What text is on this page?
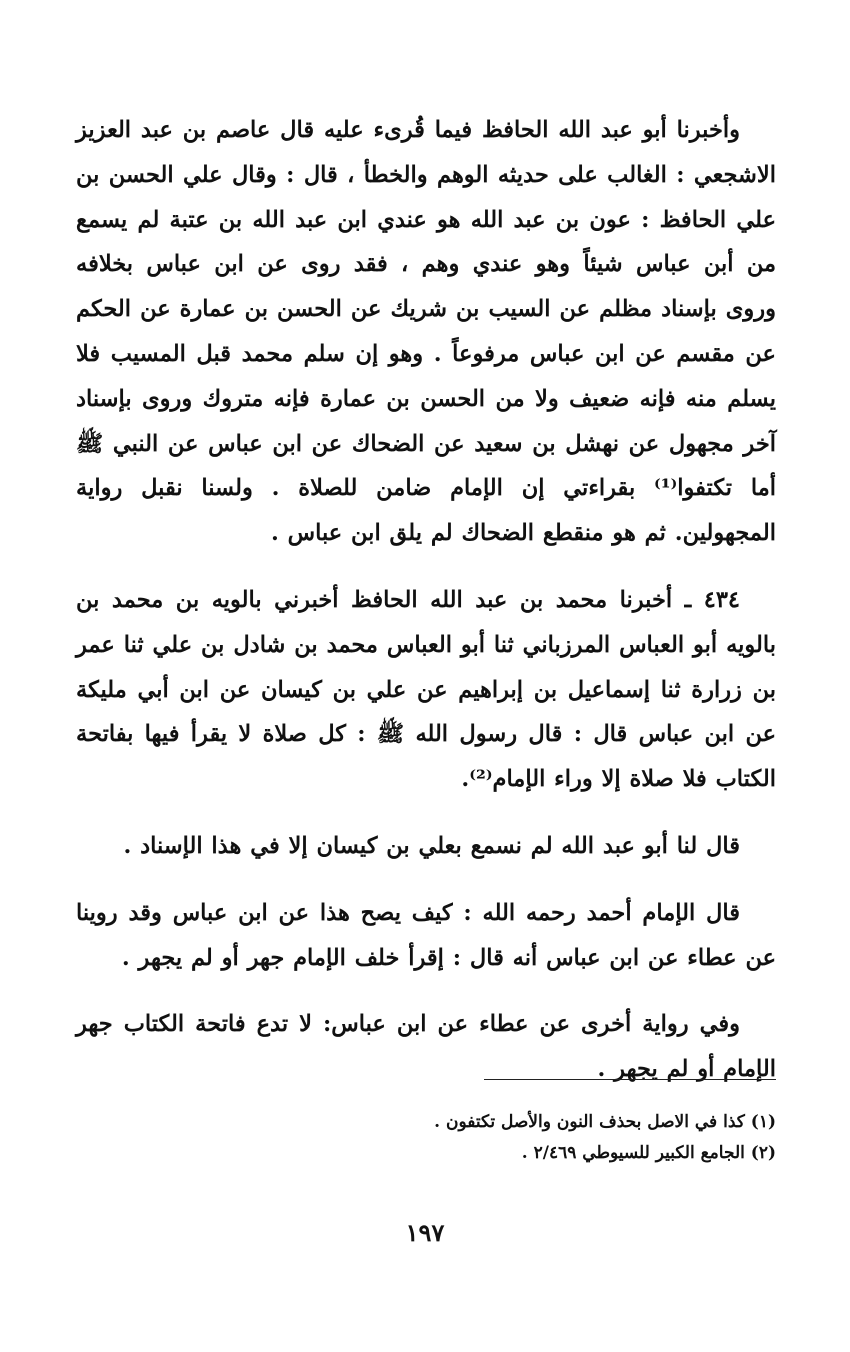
وأخبرنا أبو عبد الله الحافظ فيما قُرىء عليه قال عاصم بن عبد العزيز الاشجعي : الغالب على حديثه الوهم والخطأ ، قال : وقال علي الحسن بن علي الحافظ : عون بن عبد الله هو عندي ابن عبد الله بن عتبة لم يسمع من أبن عباس شيئاً وهو عندي وهم ، فقد روى عن ابن عباس بخلافه وروى بإسناد مظلم عن السيب بن شريك عن الحسن بن عمارة عن الحكم عن مقسم عن ابن عباس مرفوعاً . وهو إن سلم محمد قبل المسيب فلا يسلم منه فإنه ضعيف ولا من الحسن بن عمارة فإنه متروك وروى بإسناد آخر مجهول عن نهشل بن سعيد عن الضحاك عن ابن عباس عن النبي ﷺ أما تكتفوا⁽¹⁾ بقراءتي إن الإمام ضامن للصلاة . ولسنا نقبل رواية المجهولين. ثم هو منقطع الضحاك لم يلق ابن عباس .

٤٣٤ ـ أخبرنا محمد بن عبد الله الحافظ أخبرني بالويه بن محمد بن بالويه أبو العباس المرزباني ثنا أبو العباس محمد بن شادل بن علي ثنا عمر بن زرارة ثنا إسماعيل بن إبراهيم عن علي بن كيسان عن ابن أبي مليكة عن ابن عباس قال : قال رسول الله ﷺ : كل صلاة لا يقرأ فيها بفاتحة الكتاب فلا صلاة إلا وراء الإمام⁽²⁾.

قال لنا أبو عبد الله لم نسمع بعلي بن كيسان إلا في هذا الإسناد .

قال الإمام أحمد رحمه الله : كيف يصح هذا عن ابن عباس وقد روينا عن عطاء عن ابن عباس أنه قال : إقرأ خلف الإمام جهر أو لم يجهر .

وفي رواية أخرى عن عطاء عن ابن عباس: لا تدع فاتحة الكتاب جهر الإمام أو لم يجهر .

(١) كذا في الاصل بحذف النون والأصل تكتفون .

(٢) الجامع الكبير للسيوطي ٢/٤٦٩ .

١٩٧
